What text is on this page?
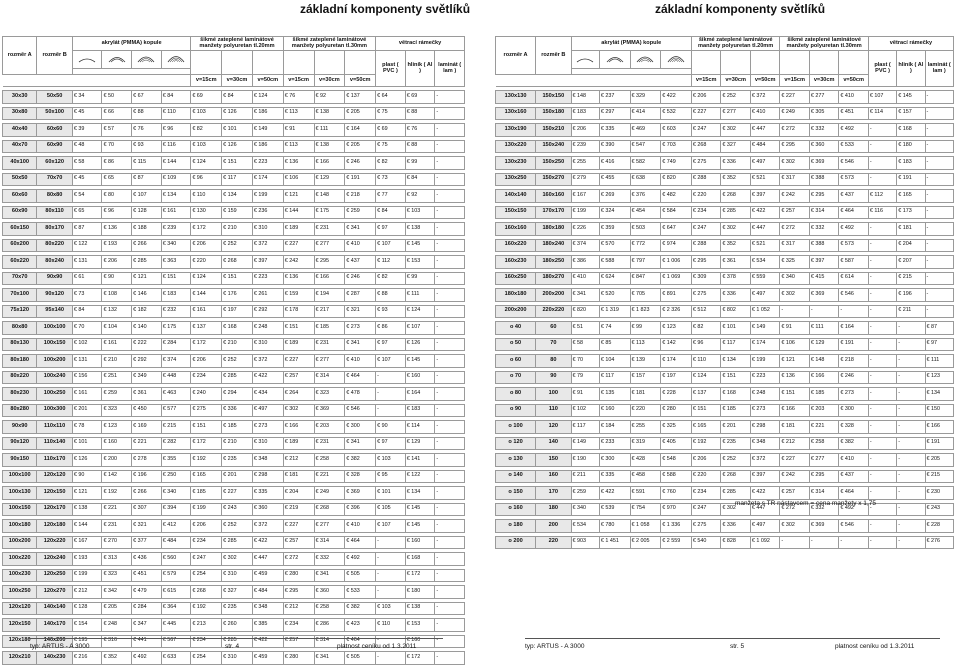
základní komponenty světlíků	základní komponenty světlíků
rozměr A	rozměr B	akrylát (PMMA) kopule				šikmé zateplené laminátové manžety polyuretan tl.20mm			šikmé zateplené laminátové manžety polyuretan tl.30mm			větrací rámečky		
										plast ( PVC )	hliník ( Al )	laminát ( lam )

						v=15cm	v=30cm	v=50cm	v=15cm	v=30cm	v=50cm			

30x30	50x50	€ 34	€ 50	€ 67	€ 84	€ 69	€ 84	€ 124	€ 76	€ 92	€ 137	€ 64	€ 69	-

30x80	50x100	€ 45	€ 66	€ 88	€ 110	€ 103	€ 126	€ 186	€ 113	€ 138	€ 205	€ 75	€ 88	-

40x40	60x60	€ 39	€ 57	€ 76	€ 96	€ 82	€ 101	€ 149	€ 91	€ 111	€ 164	€ 69	€ 76	-

40x70	60x90	€ 48	€ 70	€ 93	€ 116	€ 103	€ 126	€ 186	€ 113	€ 138	€ 205	€ 75	€ 88	-

40x100	60x120	€ 58	€ 86	€ 115	€ 144	€ 124	€ 151	€ 223	€ 136	€ 166	€ 246	€ 82	€ 99	-

50x50	70x70	€ 45	€ 65	€ 87	€ 109	€ 96	€ 117	€ 174	€ 106	€ 129	€ 191	€ 73	€ 84	-

60x60	80x80	€ 54	€ 80	€ 107	€ 134	€ 110	€ 134	€ 199	€ 121	€ 148	€ 218	€ 77	€ 92	-

60x90	80x110	€ 65	€ 96	€ 128	€ 161	€ 130	€ 159	€ 236	€ 144	€ 175	€ 259	€ 84	€ 103	-

60x150	80x170	€ 87	€ 136	€ 188	€ 239	€ 172	€ 210	€ 310	€ 189	€ 231	€ 341	€ 97	€ 138	-

60x200	80x220	€ 122	€ 193	€ 266	€ 340	€ 206	€ 252	€ 372	€ 227	€ 277	€ 410	€ 107	€ 145	-

60x220	80x240	€ 131	€ 206	€ 285	€ 363	€ 220	€ 268	€ 397	€ 242	€ 295	€ 437	€ 112	€ 153	-

70x70	90x90	€ 61	€ 90	€ 121	€ 151	€ 124	€ 151	€ 223	€ 136	€ 166	€ 246	€ 82	€ 99	-

70x100	90x120	€ 73	€ 108	€ 146	€ 183	€ 144	€ 176	€ 261	€ 159	€ 194	€ 287	€ 88	€ 111	-

75x120	95x140	€ 84	€ 132	€ 182	€ 232	€ 161	€ 197	€ 292	€ 178	€ 217	€ 321	€ 93	€ 124	-

80x80	100x100	€ 70	€ 104	€ 140	€ 175	€ 137	€ 168	€ 248	€ 151	€ 185	€ 273	€ 86	€ 107	-

80x130	100x150	€ 102	€ 161	€ 222	€ 284	€ 172	€ 210	€ 310	€ 189	€ 231	€ 341	€ 97	€ 126	-

80x180	100x200	€ 131	€ 210	€ 292	€ 374	€ 206	€ 252	€ 372	€ 227	€ 277	€ 410	€ 107	€ 145	-

80x220	100x240	€ 156	€ 251	€ 349	€ 448	€ 234	€ 285	€ 422	€ 257	€ 314	€ 464	-	€ 160	-

80x230	100x250	€ 161	€ 259	€ 361	€ 463	€ 240	€ 294	€ 434	€ 264	€ 323	€ 478	-	€ 164	-

80x280	100x300	€ 201	€ 323	€ 450	€ 577	€ 275	€ 336	€ 497	€ 302	€ 369	€ 546	-	€ 183	-

90x90	110x110	€ 78	€ 123	€ 169	€ 215	€ 151	€ 185	€ 273	€ 166	€ 203	€ 300	€ 90	€ 114	-

90x120	110x140	€ 101	€ 160	€ 221	€ 282	€ 172	€ 210	€ 310	€ 189	€ 231	€ 341	€ 97	€ 129	-

90x150	110x170	€ 126	€ 200	€ 278	€ 355	€ 192	€ 235	€ 348	€ 212	€ 258	€ 382	€ 103	€ 141	-

100x100	120x120	€ 90	€ 142	€ 196	€ 250	€ 165	€ 201	€ 298	€ 181	€ 221	€ 328	€ 95	€ 122	-

100x130	120x150	€ 121	€ 192	€ 266	€ 340	€ 185	€ 227	€ 335	€ 204	€ 249	€ 369	€ 101	€ 134	-

100x150	120x170	€ 138	€ 221	€ 307	€ 394	€ 199	€ 243	€ 360	€ 219	€ 268	€ 396	€ 105	€ 145	-

100x180	120x180	€ 144	€ 231	€ 321	€ 412	€ 206	€ 252	€ 372	€ 227	€ 277	€ 410	€ 107	€ 145	-

100x200	120x220	€ 167	€ 270	€ 377	€ 484	€ 234	€ 285	€ 422	€ 257	€ 314	€ 464	-	€ 160	-

100x220	120x240	€ 193	€ 313	€ 436	€ 560	€ 247	€ 302	€ 447	€ 272	€ 332	€ 492	-	€ 168	-

100x230	120x250	€ 199	€ 323	€ 451	€ 579	€ 254	€ 310	€ 459	€ 280	€ 341	€ 505	-	€ 172	-

100x250	120x270	€ 212	€ 342	€ 479	€ 615	€ 268	€ 327	€ 484	€ 295	€ 360	€ 533	-	€ 180	-

120x120	140x140	€ 128	€ 205	€ 284	€ 364	€ 192	€ 235	€ 348	€ 212	€ 258	€ 382	€ 103	€ 138	-

120x150	140x170	€ 154	€ 248	€ 347	€ 445	€ 213	€ 260	€ 385	€ 234	€ 286	€ 423	€ 110	€ 153	-

120x180	140x200	€ 195	€ 316	€ 441	€ 567	€ 234	€ 285	€ 422	€ 257	€ 314	€ 464	-	€ 160	-

120x210	140x230	€ 216	€ 352	€ 492	€ 633	€ 254	€ 310	€ 459	€ 280	€ 341	€ 505	-	€ 172	-
rozměr A	rozměr B	akrylát (PMMA) kopule				šikmé zateplené laminátové manžety polyuretan tl.20mm			šikmé zateplené laminátové manžety polyuretan tl.30mm			větrací rámečky		
										plast ( PVC )	hliník ( Al )	laminát ( lam )

						v=15cm	v=30cm	v=50cm	v=15cm	v=30cm	v=50cm			

130x130	150x150	€ 148	€ 237	€ 329	€ 422	€ 206	€ 252	€ 372	€ 227	€ 277	€ 410	€ 107	€ 145	-

130x160	150x180	€ 183	€ 297	€ 414	€ 532	€ 227	€ 277	€ 410	€ 249	€ 305	€ 451	€ 114	€ 157	-

130x190	150x210	€ 206	€ 335	€ 469	€ 603	€ 247	€ 302	€ 447	€ 272	€ 332	€ 492	-	€ 168	-

130x220	150x240	€ 239	€ 390	€ 547	€ 703	€ 268	€ 327	€ 484	€ 295	€ 360	€ 533	-	€ 180	-

130x230	150x250	€ 255	€ 416	€ 582	€ 749	€ 275	€ 336	€ 497	€ 302	€ 369	€ 546	-	€ 183	-

130x250	150x270	€ 279	€ 455	€ 638	€ 820	€ 288	€ 352	€ 521	€ 317	€ 388	€ 573	-	€ 191	-

140x140	160x160	€ 167	€ 269	€ 376	€ 482	€ 220	€ 268	€ 397	€ 242	€ 295	€ 437	€ 112	€ 165	-

150x150	170x170	€ 199	€ 324	€ 454	€ 584	€ 234	€ 285	€ 422	€ 257	€ 314	€ 464	€ 116	€ 173	-

160x160	180x180	€ 226	€ 359	€ 503	€ 647	€ 247	€ 302	€ 447	€ 272	€ 332	€ 492	-	€ 181	-

160x220	180x240	€ 374	€ 570	€ 772	€ 974	€ 288	€ 352	€ 521	€ 317	€ 388	€ 573	-	€ 204	-

160x230	180x250	€ 386	€ 588	€ 797	€ 1 006	€ 295	€ 361	€ 534	€ 325	€ 397	€ 587	-	€ 207	-

160x250	180x270	€ 410	€ 624	€ 847	€ 1 069	€ 309	€ 378	€ 559	€ 340	€ 415	€ 614	-	€ 215	-

180x180	200x200	€ 341	€ 520	€ 705	€ 891	€ 275	€ 336	€ 497	€ 302	€ 369	€ 546	-	€ 196	-

200x200	220x220	€ 820	€ 1 319	€ 1 823	€ 2 326	€ 512	€ 802	€ 1 052	-	-	-	-	€ 211	-

o 40	60	€ 51	€ 74	€ 99	€ 123	€ 82	€ 101	€ 149	€ 91	€ 111	€ 164	-	-	€ 87

o 50	70	€ 58	€ 85	€ 113	€ 142	€ 96	€ 117	€ 174	€ 106	€ 129	€ 191	-	-	€ 97

o 60	80	€ 70	€ 104	€ 139	€ 174	€ 110	€ 134	€ 199	€ 121	€ 148	€ 218	-	-	€ 111

o 70	90	€ 79	€ 117	€ 157	€ 197	€ 124	€ 151	€ 223	€ 136	€ 166	€ 246	-	-	€ 123

o 80	100	€ 91	€ 135	€ 181	€ 228	€ 137	€ 168	€ 248	€ 151	€ 185	€ 273	-	-	€ 134

o 90	110	€ 102	€ 160	€ 220	€ 280	€ 151	€ 185	€ 273	€ 166	€ 203	€ 300	-	-	€ 150

o 100	120	€ 117	€ 184	€ 255	€ 325	€ 165	€ 201	€ 298	€ 181	€ 221	€ 328	-	-	€ 166

o 120	140	€ 149	€ 233	€ 319	€ 405	€ 192	€ 235	€ 348	€ 212	€ 258	€ 382	-	-	€ 191

o 130	150	€ 190	€ 300	€ 428	€ 548	€ 206	€ 252	€ 372	€ 227	€ 277	€ 410	-	-	€ 205

o 140	160	€ 211	€ 335	€ 458	€ 588	€ 220	€ 268	€ 397	€ 242	€ 295	€ 437	-	-	€ 215

o 150	170	€ 259	€ 422	€ 591	€ 760	€ 234	€ 285	€ 422	€ 257	€ 314	€ 464	-	-	€ 230

o 160	180	€ 340	€ 539	€ 754	€ 970	€ 247	€ 302	€ 447	€ 272	€ 332	€ 492	-	-	€ 243

o 180	200	€ 534	€ 780	€ 1 058	€ 1 336	€ 275	€ 336	€ 497	€ 302	€ 369	€ 546	-	-	€ 228

o 200	220	€ 903	€ 1 451	€ 2 005	€ 2 559	€ 540	€ 828	€ 1 092	-	-	-	-	-	€ 276
manžeta s TR nástavcem = cena manžety x 1,75
typ: ARTUS - A 3000	str. 4	platnost ceníku od 1.3.2011	typ: ARTUS - A 3000	str. 5	platnost ceníku od 1.3.2011
